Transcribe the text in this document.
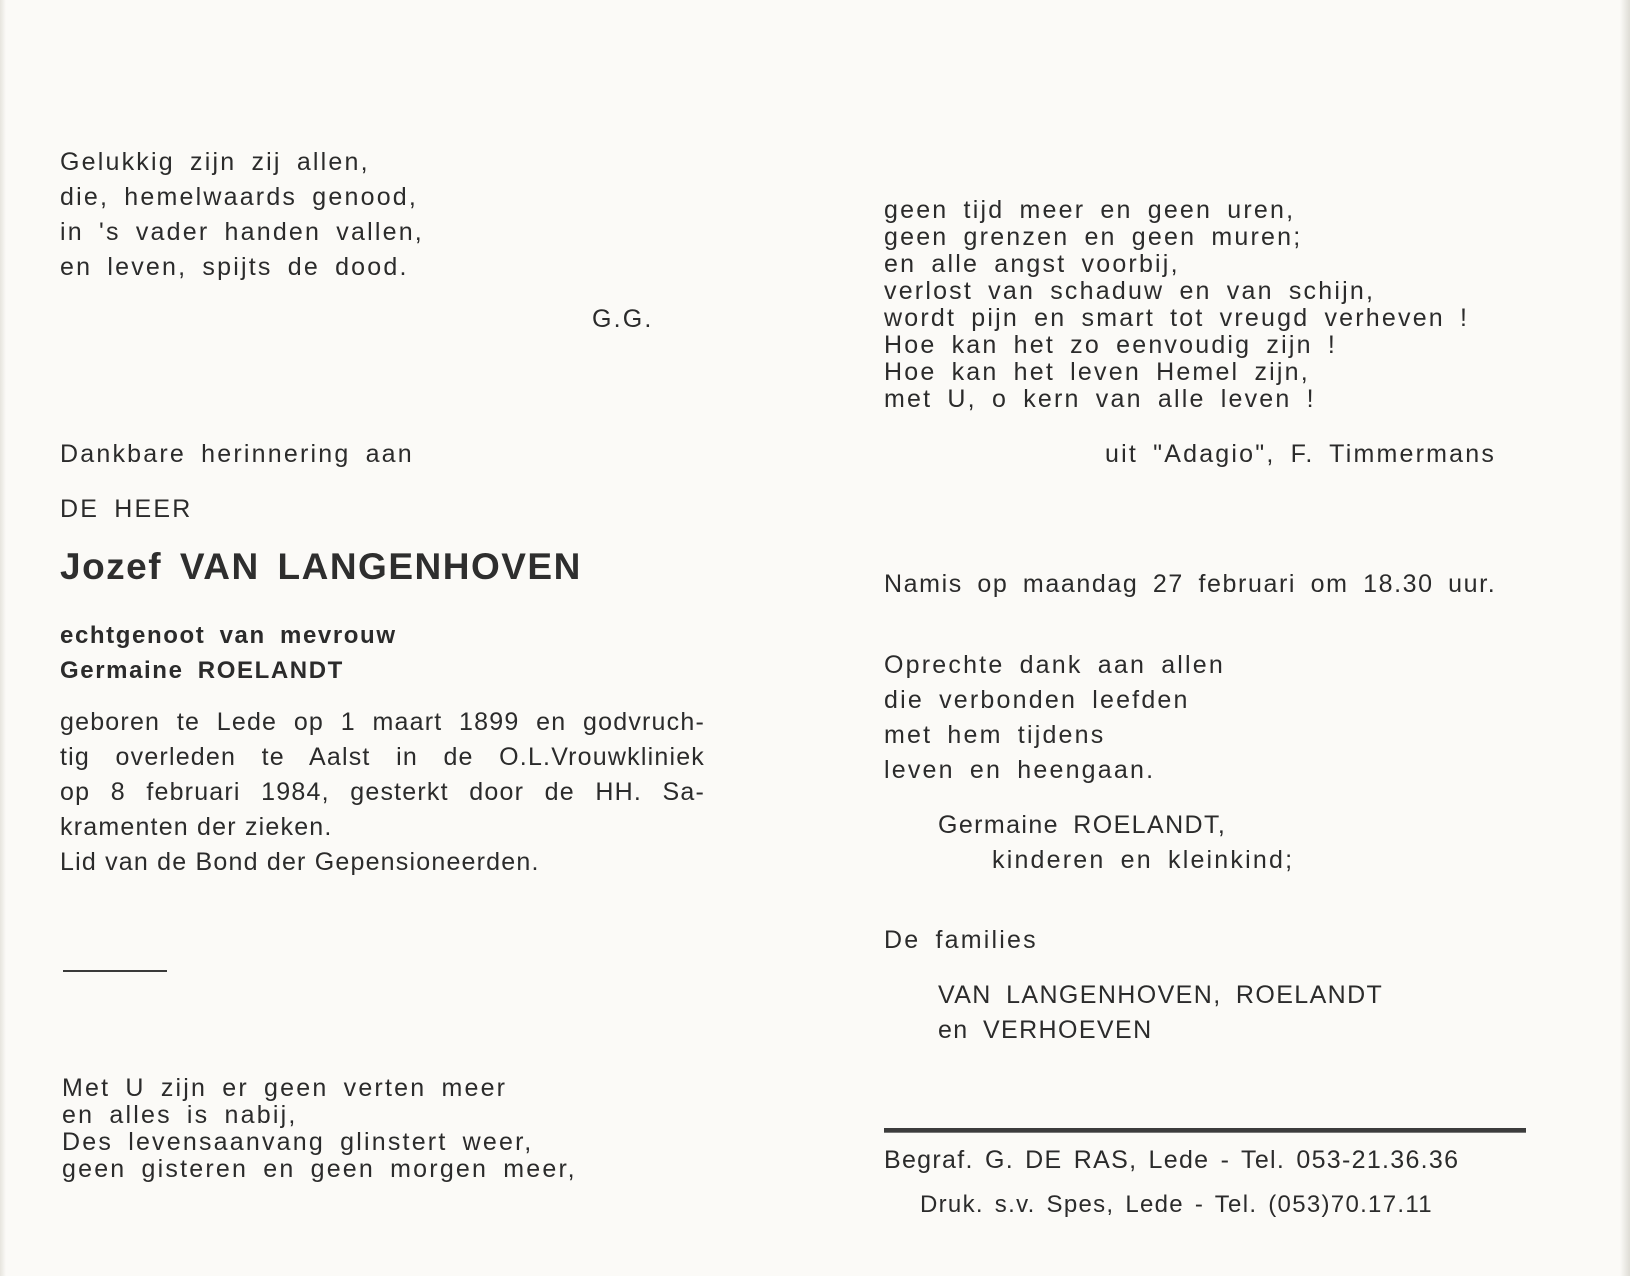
Gelukkig zijn zij allen,
die, hemelwaards genood,
in 's vader handen vallen,
en leven, spijts de dood.
G.G.
Dankbare herinnering aan
DE HEER
Jozef VAN LANGENHOVEN
echtgenoot van mevrouw
Germaine ROELANDT
geboren te Lede op 1 maart 1899 en godvruch-
tig overleden te Aalst in de O.L.Vrouwkliniek
op 8 februari 1984, gesterkt door de HH. Sa-
kramenten der zieken.
Lid van de Bond der Gepensioneerden.
Met U zijn er geen verten meer
en alles is nabij,
Des levensaanvang glinstert weer,
geen gisteren en geen morgen meer,
geen tijd meer en geen uren,
geen grenzen en geen muren;
en alle angst voorbij,
verlost van schaduw en van schijn,
wordt pijn en smart tot vreugd verheven !
Hoe kan het zo eenvoudig zijn !
Hoe kan het leven Hemel zijn,
met U, o kern van alle leven !
uit "Adagio", F. Timmermans
Namis op maandag 27 februari om 18.30 uur.
Oprechte dank aan allen
die verbonden leefden
met hem tijdens
leven en heengaan.
Germaine ROELANDT,
kinderen en kleinkind;
De families
VAN LANGENHOVEN, ROELANDT
en VERHOEVEN
Begraf. G. DE RAS, Lede - Tel. 053-21.36.36
Druk. s.v. Spes, Lede - Tel. (053)70.17.11
